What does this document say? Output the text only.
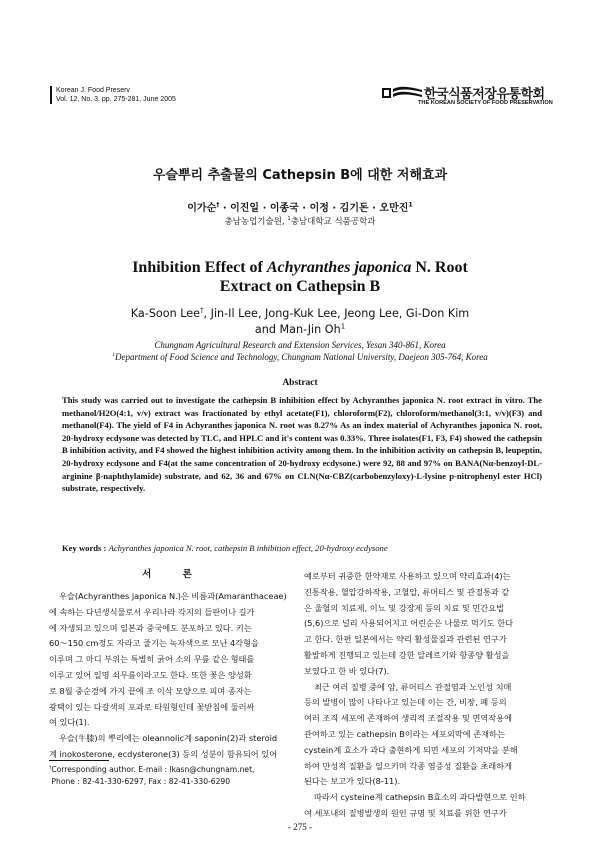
Korean J. Food Preserv
Vol. 12, No. 3. pp. 275-281, June 2005	한국식품저장유통학회
THE KOREAN SOCIETY OF FOOD PRESERVATION
우슬뿌리 추출물의 Cathepsin B에 대한 저해효과
이가순† · 이진일 · 이종국 · 이정 · 김기돈 · 오만진$^1$
충남농업기술원, $^1$충남대학교 식품공학과
Inhibition Effect of Achyranthes japonica N. Root
Extract on Cathepsin B
Ka-Soon Lee†, Jin-Il Lee, Jong-Kuk Lee, Jeong Lee, Gi-Don Kim
and Man-Jin Oh$^1$
Chungnam Agricultural Research and Extension Services, Yesan 340-861, Korea
$^1$Department of Food Science and Technology, Chungnam National University, Daejeon 305-764, Korea
Abstract
This study was carried out to investigate the cathepsin B inhibition effect by Achyranthes japonica N. root extract in vitro. The methanol/H2O(4:1, v/v) extract was fractionated by ethyl acetate(F1), chloroform(F2), chloroform/methanol(3:1, v/v)(F3) and methanol(F4). The yield of F4 in Achyranthes japonica N. root was 8.27% As an index material of Achyranthes japonica N. root, 20-hydroxy ecdysone was detected by TLC, and HPLC and it's content was 0.33%. Three isolates(F1, F3, F4) showed the cathepsin B inhibition activity, and F4 showed the highest inhibition activity among them. In the inhibition activity on cathepsin B, leupeptin, 20-hydroxy ecdysone and F4(at the same concentration of 20-hydroxy ecdysone.) were 92, 88 and 97% on BANA(Nα-benzoyl-DL-arginine β-naphthylamide) substrate, and 62, 36 and 67% on CLN(Nα-CBZ(carbobenzyloxy)-L-lysine p-nitrophenyl ester HCl) substrate, respectively.
Key words : Achyranthes japonica N. root, cathepsin B inhibition effect, 20-hydroxy ecdysone
서 론
우슬(Achyranthes japonica N.)은 비름과(Amaranthaceae)
에 속하는 다년생식물로서 우리나라 각지의 들판이나 길가
에 자생되고 있으며 일본과 중국에도 분포하고 있다. 키는
60～150 cm정도 자라고 줄기는 녹자색으로 모난 4각형을
이루며 그 마디 부위는 특별히 굵어 소의 무릎 같은 형태를
이루고 있어 일명 쇠무릎이라고도 한다. 또한 꽃은 양성화
로 8월 중순경에 가지 끝에 조 이삭 모양으로 피며 종자는
광택이 있는 다갈색의 포과로 타원형인데 꽃받침에 둘러싸
여 있다(1).
우슬(牛膝)의 뿌리에는 oleannolic계 saponin(2)과 steroid
계 inokosterone, ecdysterone(3) 등의 성분이 함유되어 있어
예로부터 귀중한 한약재로 사용하고 있으며 약리효과(4)는
진통작용, 혈압강하작용, 고혈압, 류머티스 및 관절통과 같
은 울혈의 치료제, 이뇨 및 강장제 등의 치료 및 민간요법
(5,6)으로 널리 사용되어지고 어린순은 나물로 먹기도 한다
고 한다. 한편 일본에서는 약리 활성물질과 관련된 연구가
활발하게 진행되고 있는데 강한 알레르기와 항종양 활성을
보였다고 한 바 있다(7).
최근 여러 질병 중에 암, 류머티스 관절염과 노인성 치매
등의 발병이 많이 나타나고 있는데 이는 간, 비장, 폐 등의
여러 조직 세포에 존재하여 생리적 조절작용 및 면역작용에
관여하고 있는 cathepsin B이라는 세포외막에 존재하는
cystein계 효소가 과다 출현하게 되면 세포의 기저막을 분해
하여 만성적 질환을 일으키며 각종 염증성 질환을 초래하게
된다는 보고가 있다(8-11).
따라서 cysteine계 cathepsin B효소의 과다발현으로 인하
여 세포내의 질병발생의 원인 규명 및 치료를 위한 연구가
†Corresponding author. E-mail : lkasn@chungnam.net,
Phone : 82-41-330-6297, Fax : 82-41-330-6290
- 275 -
